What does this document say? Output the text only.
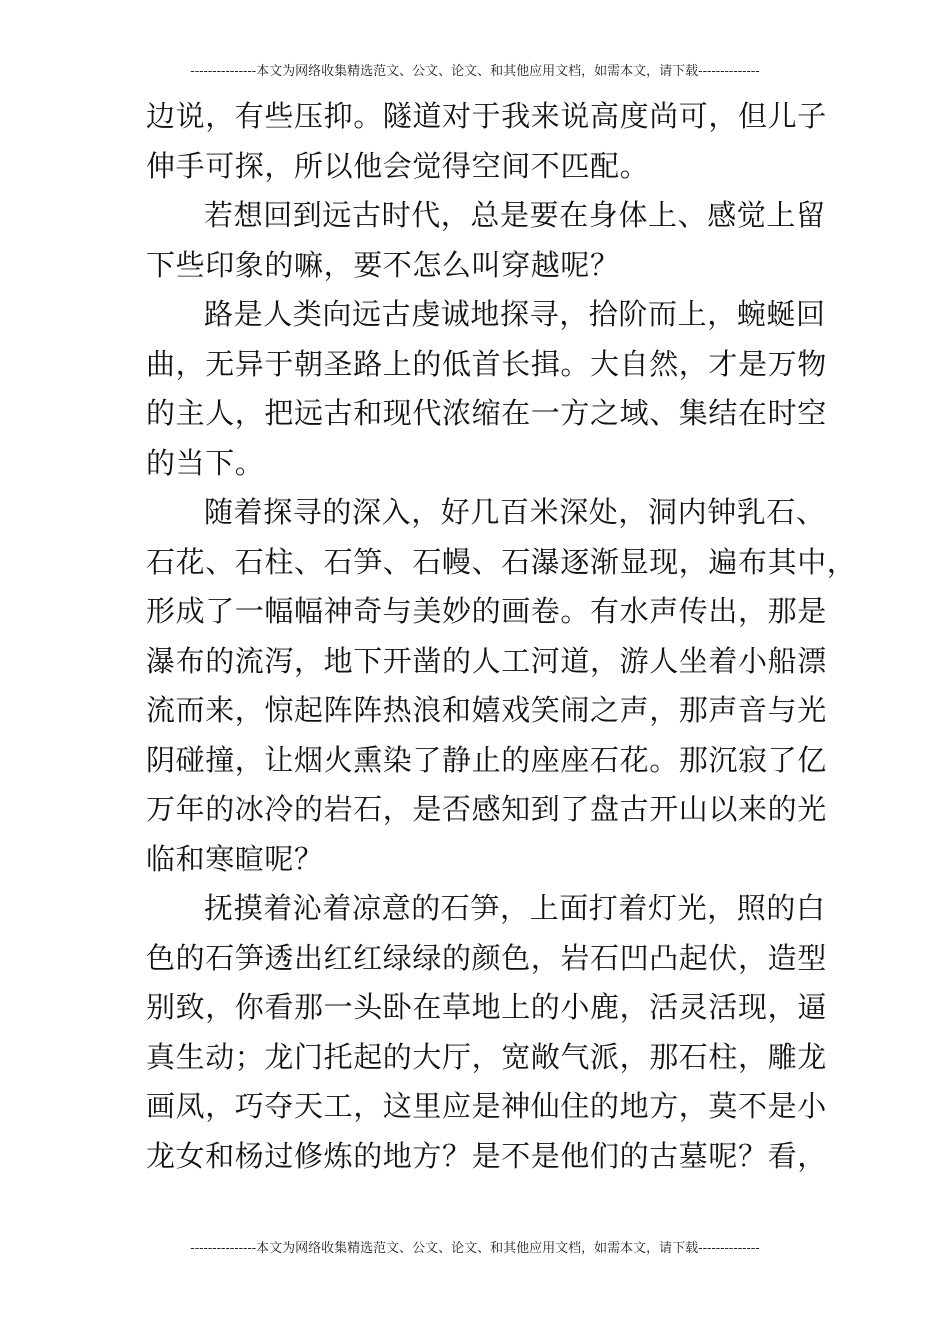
---------------本文为网络收集精选范文、公文、论文、和其他应用文档，如需本文，请下载--------------
边说，有些压抑。隧道对于我来说高度尚可，但儿子
伸手可探，所以他会觉得空间不匹配。
若想回到远古时代，总是要在身体上、感觉上留
下些印象的嘛，要不怎么叫穿越呢？
路是人类向远古虔诚地探寻，拾阶而上，蜿蜒回
曲，无异于朝圣路上的低首长揖。大自然，才是万物
的主人，把远古和现代浓缩在一方之域、集结在时空
的当下。
随着探寻的深入，好几百米深处，洞内钟乳石、
石花、石柱、石笋、石幔、石瀑逐渐显现，遍布其中，
形成了一幅幅神奇与美妙的画卷。有水声传出，那是
瀑布的流泻，地下开凿的人工河道，游人坐着小船漂
流而来，惊起阵阵热浪和嬉戏笑闹之声，那声音与光
阴碰撞，让烟火熏染了静止的座座石花。那沉寂了亿
万年的冰冷的岩石，是否感知到了盘古开山以来的光
临和寒暄呢？
抚摸着沁着凉意的石笋，上面打着灯光，照的白
色的石笋透出红红绿绿的颜色，岩石凹凸起伏，造型
别致，你看那一头卧在草地上的小鹿，活灵活现，逼
真生动；龙门托起的大厅，宽敞气派，那石柱，雕龙
画凤，巧夺天工，这里应是神仙住的地方，莫不是小
龙女和杨过修炼的地方？是不是他们的古墓呢？看，
---------------本文为网络收集精选范文、公文、论文、和其他应用文档，如需本文，请下载--------------
